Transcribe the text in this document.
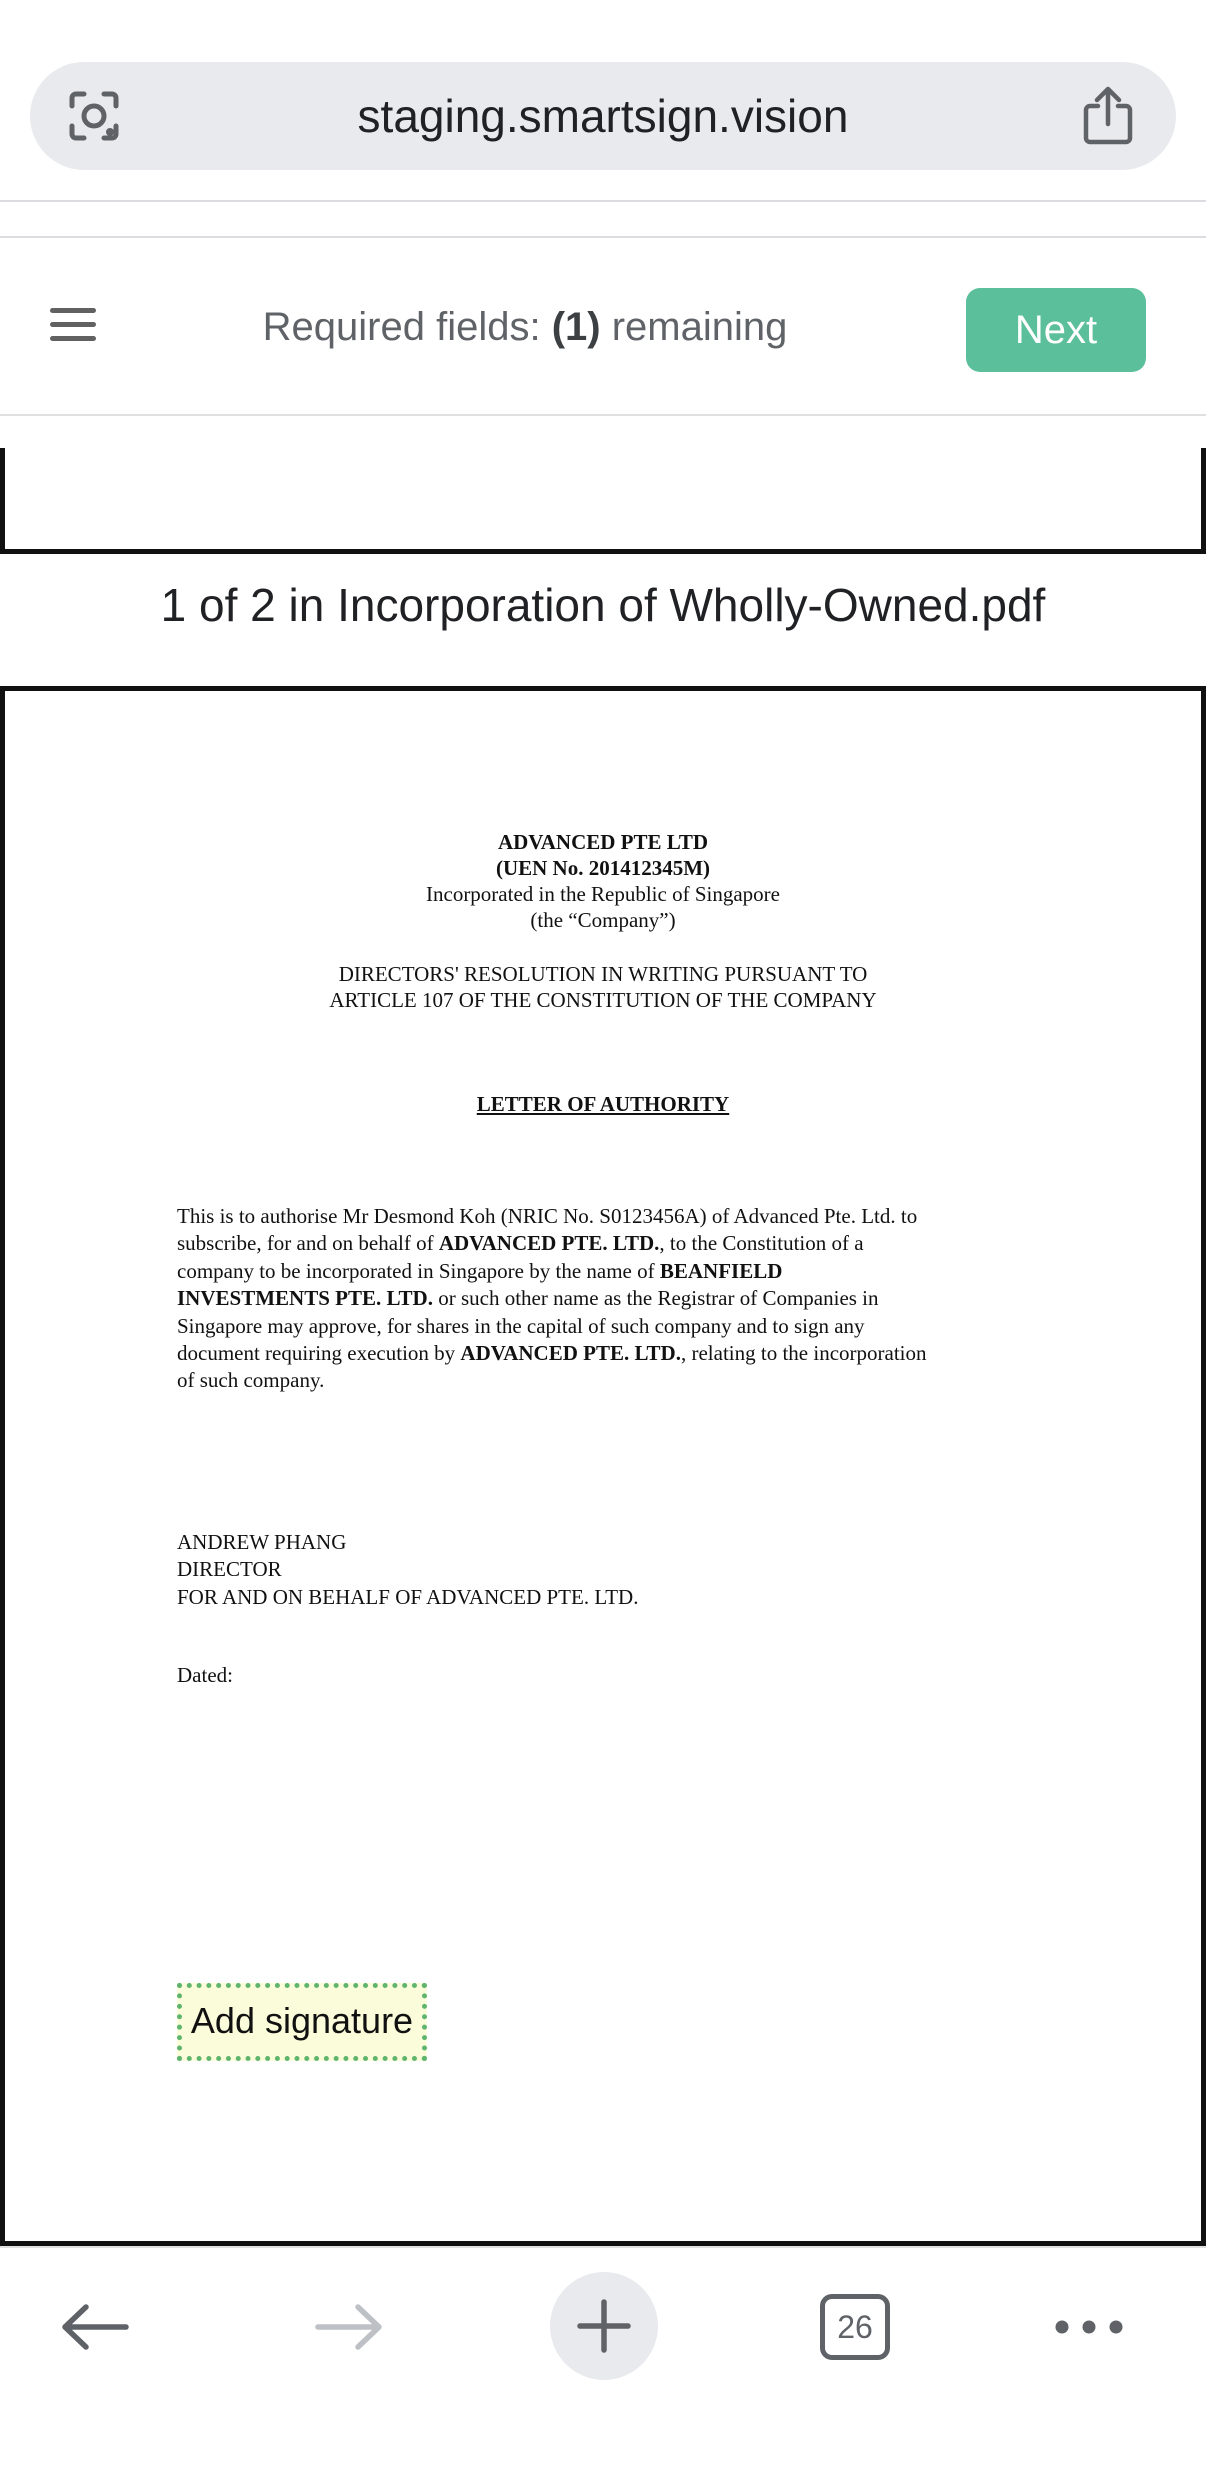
staging.smartsign.vision
Required fields: (1) remaining	Next
1 of 2 in Incorporation of Wholly-Owned.pdf
ADVANCED PTE LTD
(UEN No. 201412345M)
Incorporated in the Republic of Singapore
(the “Company”)
DIRECTORS' RESOLUTION IN WRITING PURSUANT TO
ARTICLE 107 OF THE CONSTITUTION OF THE COMPANY
LETTER OF AUTHORITY
This is to authorise Mr Desmond Koh (NRIC No. S0123456A) of Advanced Pte. Ltd. to
subscribe, for and on behalf of ADVANCED PTE. LTD., to the Constitution of a
company to be incorporated in Singapore by the name of BEANFIELD
INVESTMENTS PTE. LTD. or such other name as the Registrar of Companies in
Singapore may approve, for shares in the capital of such company and to sign any
document requiring execution by ADVANCED PTE. LTD., relating to the incorporation
of such company.
ANDREW PHANG
DIRECTOR
FOR AND ON BEHALF OF ADVANCED PTE. LTD.
Dated:
Add signature
26
